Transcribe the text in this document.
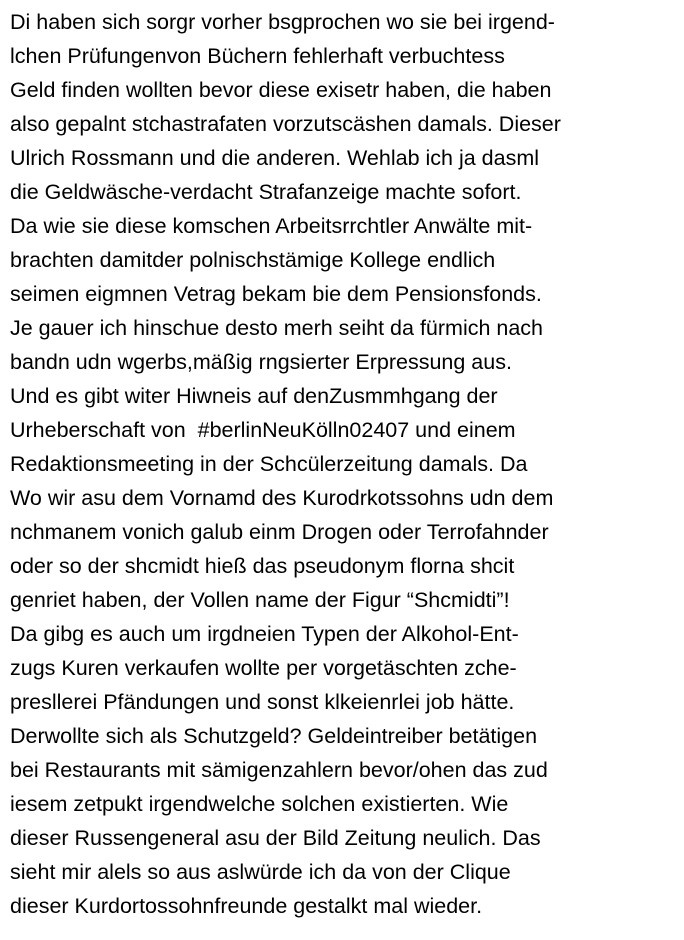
Di haben sich sorgr vorher bsgprochen wo sie bei irgend-
lchen Prüfungenvon Büchern fehlerhaft verbuchtess
Geld finden wollten bevor diese exisetr haben, die haben
also gepalnt stchastrafaten vorzutscäshen damals. Dieser
Ulrich Rossmann und die anderen. Wehlab ich ja dasml
die Geldwäsche-verdacht Strafanzeige machte sofort.
Da wie sie diese komschen Arbeitsrrchtler Anwälte mit-
brachten damitder polnischstämige Kollege endlich
seimen eigmnen Vetrag bekam bie dem Pensionsfonds.
Je gauer ich hinschue desto merh seiht da fürmich nach
bandn udn wgerbs,mäßig rngsierter Erpressung aus.
Und es gibt witer Hiwneis auf denZusmmhgang der
Urheberschaft von  #berlinNeuKölln02407 und einem
Redaktionsmeeting in der Schcülerzeitung damals. Da
Wo wir asu dem Vornamd des Kurodrkotssohns udn dem
nchmanem vonich galub einm Drogen oder Terrofahnder
oder so der shcmidt hieß das pseudonym florna shcit
genriet haben, der Vollen name der Figur “Shcmidti”!
Da gibg es auch um irgdneien Typen der Alkohol-Ent-
zugs Kuren verkaufen wollte per vorgetäschten zche-
presllerei Pfändungen und sonst klkeienrlei job hätte.
Derwollte sich als Schutzgeld? Geldeintreiber betätigen
bei Restaurants mit sämigenzahlern bevor/ohen das zud
iesem zetpukt irgendwelche solchen existierten. Wie
dieser Russengeneral asu der Bild Zeitung neulich. Das
sieht mir alels so aus aslwürde ich da von der Clique
dieser Kurdortossohnfreunde gestalkt mal wieder.
